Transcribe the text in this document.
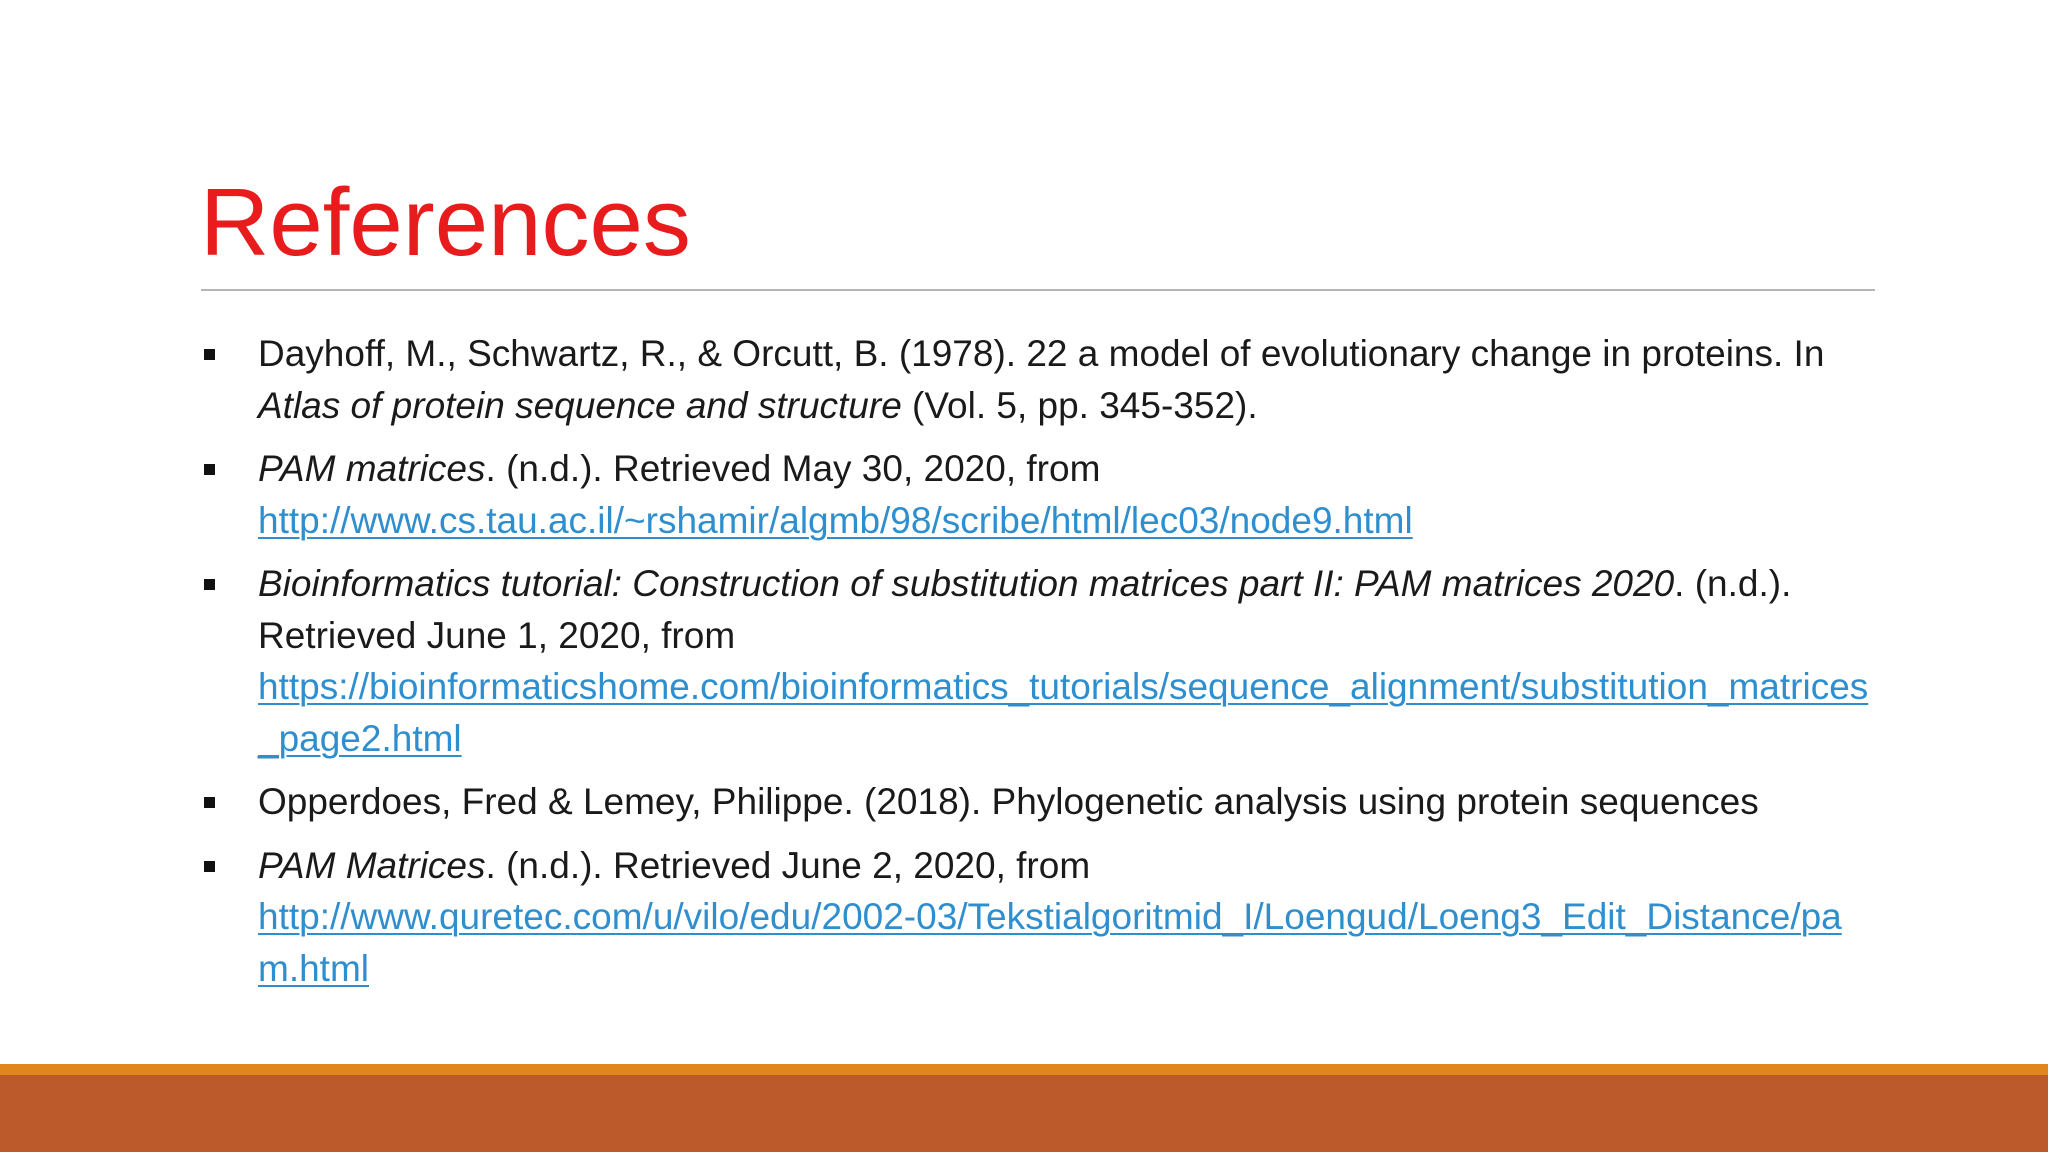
References
Dayhoff, M., Schwartz, R., & Orcutt, B. (1978). 22 a model of evolutionary change in proteins. In Atlas of protein sequence and structure (Vol. 5, pp. 345-352).
PAM matrices. (n.d.). Retrieved May 30, 2020, from
http://www.cs.tau.ac.il/~rshamir/algmb/98/scribe/html/lec03/node9.html
Bioinformatics tutorial: Construction of substitution matrices part II: PAM matrices 2020. (n.d.). Retrieved June 1, 2020, from
https://bioinformaticshome.com/bioinformatics_tutorials/sequence_alignment/substitution_matrices_page2.html
Opperdoes, Fred & Lemey, Philippe. (2018). Phylogenetic analysis using protein sequences
PAM Matrices. (n.d.). Retrieved June 2, 2020, from
http://www.quretec.com/u/vilo/edu/2002-03/Tekstialgoritmid_I/Loengud/Loeng3_Edit_Distance/pam.html
